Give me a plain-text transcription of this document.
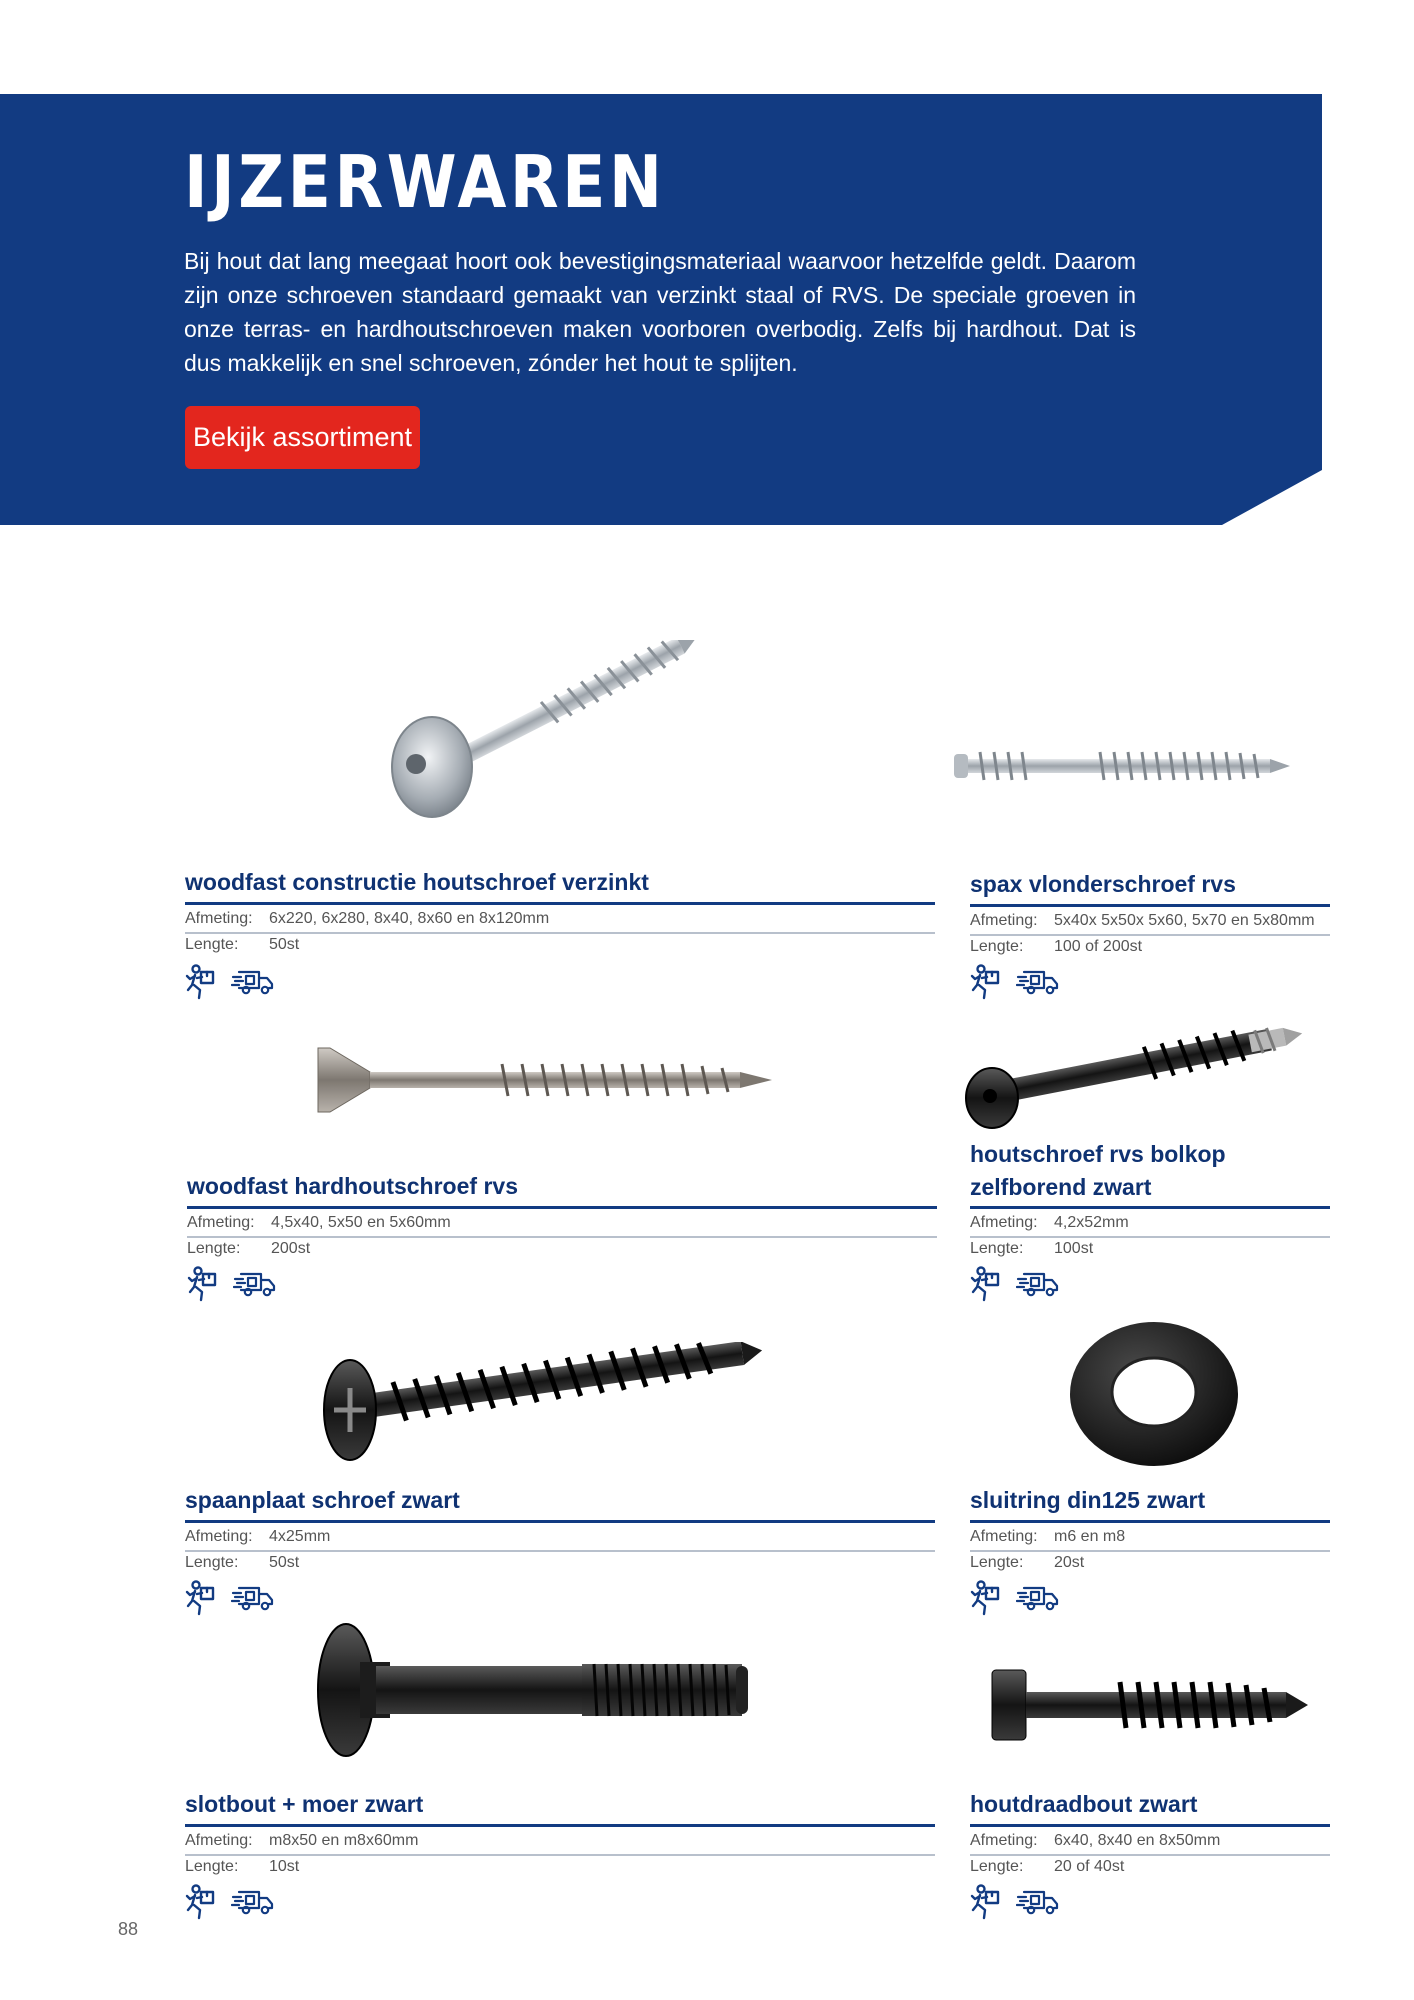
IJZERWAREN
Bij hout dat lang meegaat hoort ook bevestigingsmateriaal waarvoor hetzelfde geldt. Daarom zijn onze schroeven standaard gemaakt van verzinkt staal of RVS. De speciale groeven in onze terras- en hardhoutschroeven maken voorboren overbodig. Zelfs bij hardhout. Dat is dus makkelijk en snel schroeven, zónder het hout te splijten.
Bekijk assortiment
woodfast constructie houtschroef verzinkt
Afmeting: 6x220, 6x280, 8x40, 8x60 en 8x120mm
Lengte: 50st
spax vlonderschroef rvs
Afmeting: 5x40x 5x50x 5x60, 5x70 en 5x80mm
Lengte: 100 of 200st
woodfast hardhoutschroef rvs
Afmeting: 4,5x40, 5x50 en 5x60mm
Lengte: 200st
houtschroef rvs bolkop
zelfborend zwart
Afmeting: 4,2x52mm
Lengte: 100st
spaanplaat schroef zwart
Afmeting: 4x25mm
Lengte: 50st
sluitring din125 zwart
Afmeting: m6 en m8
Lengte: 20st
slotbout + moer zwart
Afmeting: m8x50 en m8x60mm
Lengte: 10st
houtdraadbout zwart
Afmeting: 6x40, 8x40 en 8x50mm
Lengte: 20 of 40st
88
